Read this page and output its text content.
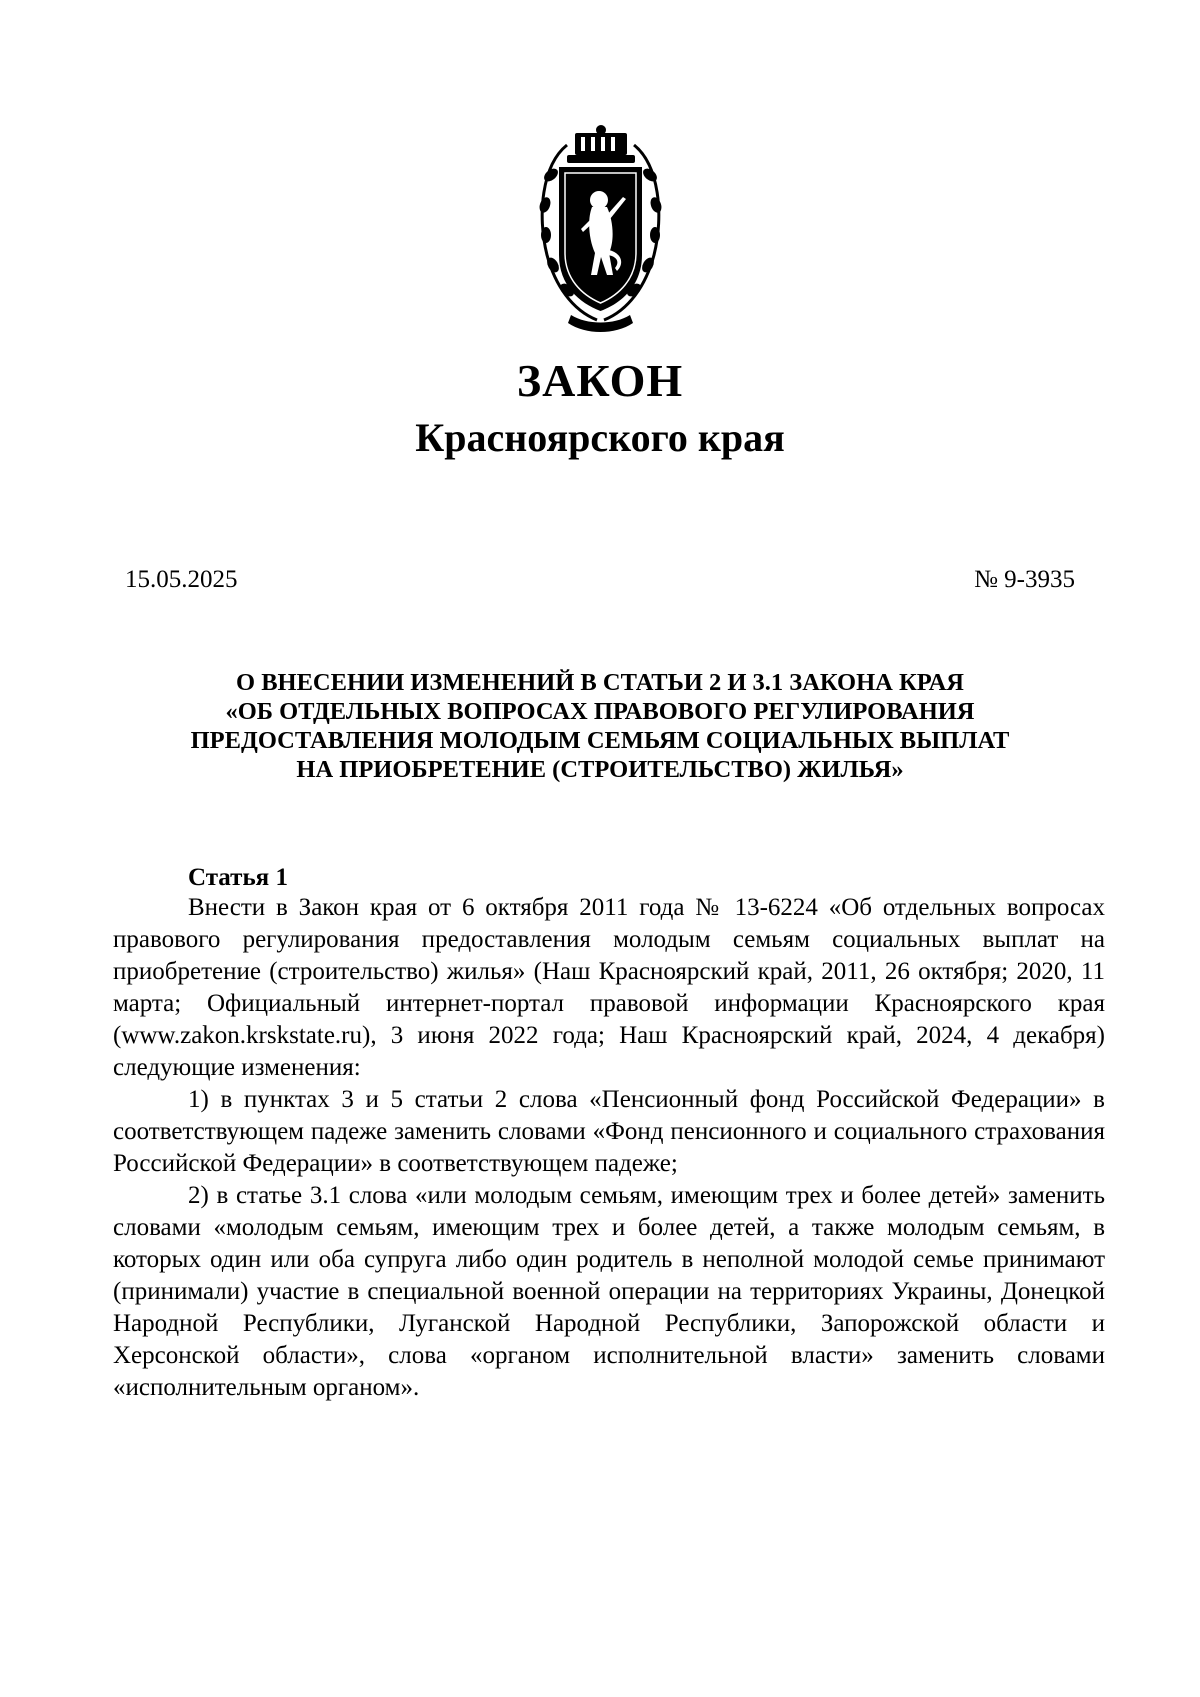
ЗАКОН
Красноярского края
15.05.2025	№ 9-3935
О ВНЕСЕНИИ ИЗМЕНЕНИЙ В СТАТЬИ 2 И 3.1 ЗАКОНА КРАЯ
«ОБ ОТДЕЛЬНЫХ ВОПРОСАХ ПРАВОВОГО РЕГУЛИРОВАНИЯ
ПРЕДОСТАВЛЕНИЯ МОЛОДЫМ СЕМЬЯМ СОЦИАЛЬНЫХ ВЫПЛАТ
НА ПРИОБРЕТЕНИЕ (СТРОИТЕЛЬСТВО) ЖИЛЬЯ»
Статья 1

Внести в Закон края от 6 октября 2011 года № 13-6224 «Об отдельных вопросах правового регулирования предоставления молодым семьям социальных выплат на приобретение (строительство) жилья» (Наш Красноярский край, 2011, 26 октября; 2020, 11 марта; Официальный интернет-портал правовой информации Красноярского края (www.zakon.krskstate.ru), 3 июня 2022 года; Наш Красноярский край, 2024, 4 декабря) следующие изменения:

1) в пунктах 3 и 5 статьи 2 слова «Пенсионный фонд Российской Федерации» в соответствующем падеже заменить словами «Фонд пенсионного и социального страхования Российской Федерации» в соответствующем падеже;

2) в статье 3.1 слова «или молодым семьям, имеющим трех и более детей» заменить словами «молодым семьям, имеющим трех и более детей, а также молодым семьям, в которых один или оба супруга либо один родитель в неполной молодой семье принимают (принимали) участие в специальной военной операции на территориях Украины, Донецкой Народной Республики, Луганской Народной Республики, Запорожской области и Херсонской области», слова «органом исполнительной власти» заменить словами «исполнительным органом».
